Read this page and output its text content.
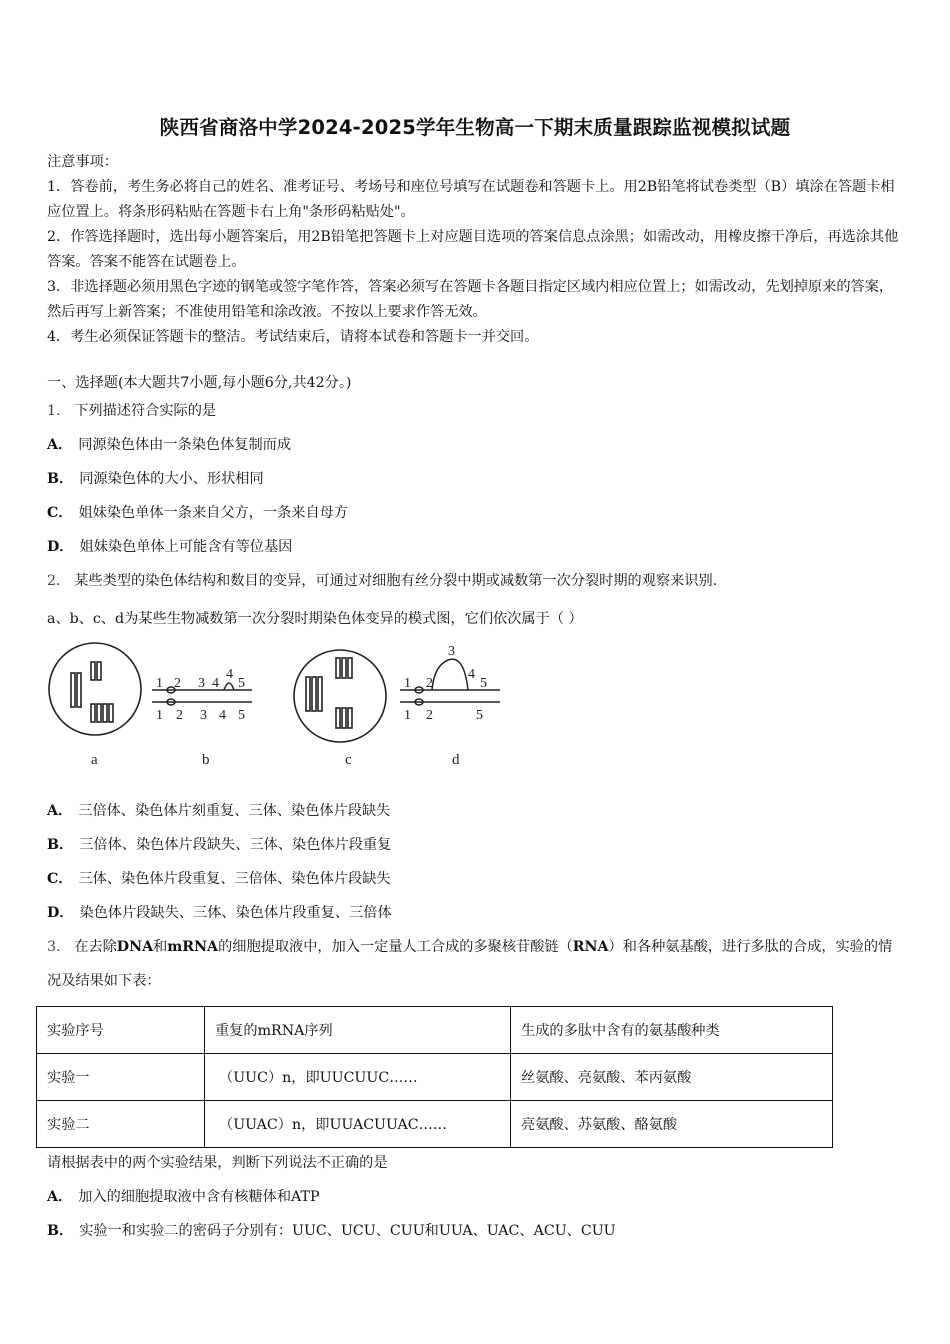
陕西省商洛中学2024-2025学年生物高一下期末质量跟踪监视模拟试题

注意事项：

1．答卷前，考生务必将自己的姓名、准考证号、考场号和座位号填写在试题卷和答题卡上。用2B铅笔将试卷类型（B）填涂在答题卡相应位置上。将条形码粘贴在答题卡右上角"条形码粘贴处"。

2．作答选择题时，选出每小题答案后，用2B铅笔把答题卡上对应题目选项的答案信息点涂黑；如需改动，用橡皮擦干净后，再选涂其他答案。答案不能答在试题卷上。

3．非选择题必须用黑色字迹的钢笔或签字笔作答，答案必须写在答题卡各题目指定区域内相应位置上；如需改动，先划掉原来的答案，然后再写上新答案；不准使用铅笔和涂改液。不按以上要求作答无效。

4．考生必须保证答题卡的整洁。考试结束后，请将本试卷和答题卡一并交回。

一、选择题(本大题共7小题,每小题6分,共42分。)
1． 下列描述符合实际的是
A． 同源染色体由一条染色体复制而成
B． 同源染色体的大小、形状相同
C． 姐妹染色单体一条来自父方，一条来自母方
D． 姐妹染色单体上可能含有等位基因
2． 某些类型的染色体结构和数目的变异，可通过对细胞有丝分裂中期或减数第一次分裂时期的观察来识别.
a、b、c、d为某些生物减数第一次分裂时期染色体变异的模式图，它们依次属于（ ）
1 2 3 4
4
5
1 2 3 4 5
1 2
3
4
5
1 2	5
a	b	c	d
A． 三倍体、染色体片刻重复、三体、染色体片段缺失
B． 三倍体、染色体片段缺失、三体、染色体片段重复
C． 三体、染色体片段重复、三倍体、染色体片段缺失
D． 染色体片段缺失、三体、染色体片段重复、三倍体
3． 在去除DNA和mRNA的细胞提取液中，加入一定量人工合成的多聚核苷酸链（RNA）和各种氨基酸，进行多肽的合成，实验的情况及结果如下表：
实验序号	重复的mRNA序列	生成的多肽中含有的氨基酸种类
实验一	（UUC）n，即UUCUUC……	丝氨酸、亮氨酸、苯丙氨酸
实验二	（UUAC）n，即UUACUUAC……	亮氨酸、苏氨酸、酪氨酸
请根据表中的两个实验结果，判断下列说法不正确的是
A． 加入的细胞提取液中含有核糖体和ATP
B． 实验一和实验二的密码子分别有：UUC、UCU、CUU和UUA、UAC、ACU、CUU
